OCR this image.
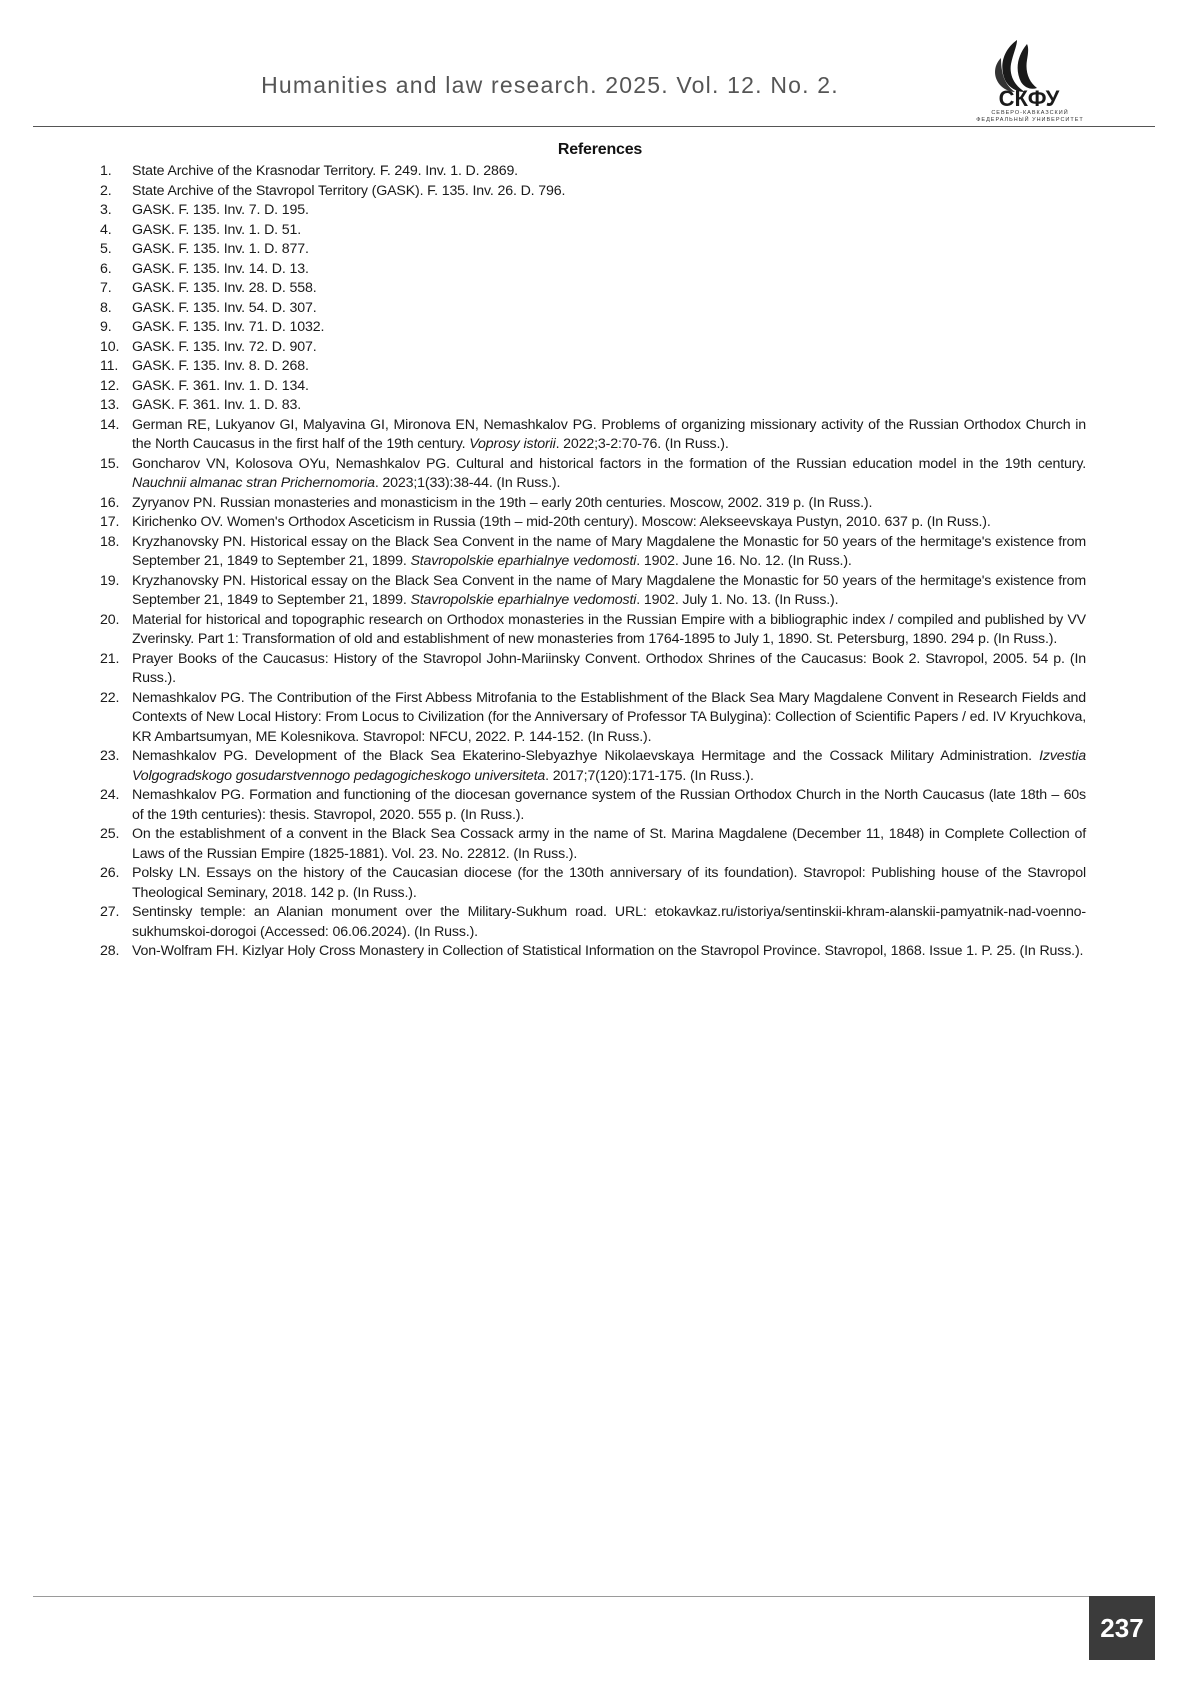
Humanities and law research. 2025. Vol. 12. No. 2.
СКФУ
СЕВЕРО-КАВКАЗСКИЙ
ФЕДЕРАЛЬНЫЙ УНИВЕРСИТЕТ
References
1.	State Archive of the Krasnodar Territory. F. 249. Inv. 1. D. 2869.
2.	State Archive of the Stavropol Territory (GASK). F. 135. Inv. 26. D. 796.
3.	GASK. F. 135. Inv. 7. D. 195.
4.	GASK. F. 135. Inv. 1. D. 51.
5.	GASK. F. 135. Inv. 1. D. 877.
6.	GASK. F. 135. Inv. 14. D. 13.
7.	GASK. F. 135. Inv. 28. D. 558.
8.	GASK. F. 135. Inv. 54. D. 307.
9.	GASK. F. 135. Inv. 71. D. 1032.
10. GASK. F. 135. Inv. 72. D. 907.
11. GASK. F. 135. Inv. 8. D. 268.
12. GASK. F. 361. Inv. 1. D. 134.
13. GASK. F. 361. Inv. 1. D. 83.
14. German RE, Lukyanov GI, Malyavina GI, Mironova EN, Nemashkalov PG. Problems of organizing missionary activity of the Russian Orthodox Church in the North Caucasus in the first half of the 19th century. Voprosy istorii. 2022;3-2:70-76. (In Russ.).
15. Goncharov VN, Kolosova OYu, Nemashkalov PG. Cultural and historical factors in the formation of the Russian education model in the 19th century. Nauchnii almanac stran Prichernomoria. 2023;1(33):38-44. (In Russ.).
16. Zyryanov PN. Russian monasteries and monasticism in the 19th – early 20th centuries. Moscow, 2002. 319 p. (In Russ.).
17. Kirichenko OV. Women's Orthodox Asceticism in Russia (19th – mid-20th century). Moscow: Alekseevskaya Pustyn, 2010. 637 p. (In Russ.).
18. Kryzhanovsky PN. Historical essay on the Black Sea Convent in the name of Mary Magdalene the Monastic for 50 years of the hermitage's existence from September 21, 1849 to September 21, 1899. Stavropolskie eparhialnye vedomosti. 1902. June 16. No. 12. (In Russ.).
19. Kryzhanovsky PN. Historical essay on the Black Sea Convent in the name of Mary Magdalene the Monastic for 50 years of the hermitage's existence from September 21, 1849 to September 21, 1899. Stavropolskie eparhialnye vedomosti. 1902. July 1. No. 13. (In Russ.).
20. Material for historical and topographic research on Orthodox monasteries in the Russian Empire with a bibliographic index / compiled and published by VV Zverinsky. Part 1: Transformation of old and establishment of new monasteries from 1764-1895 to July 1, 1890. St. Petersburg, 1890. 294 p. (In Russ.).
21. Prayer Books of the Caucasus: History of the Stavropol John-Mariinsky Convent. Orthodox Shrines of the Caucasus: Book 2. Stavropol, 2005. 54 p. (In Russ.).
22. Nemashkalov PG. The Contribution of the First Abbess Mitrofania to the Establishment of the Black Sea Mary Magdalene Convent in Research Fields and Contexts of New Local History: From Locus to Civilization (for the Anniversary of Professor TA Bulygina): Collection of Scientific Papers / ed. IV Kryuchkova, KR Ambartsumyan, ME Kolesnikova. Stavropol: NFCU, 2022. P. 144-152. (In Russ.).
23. Nemashkalov PG. Development of the Black Sea Ekaterino-Slebyazhye Nikolaevskaya Hermitage and the Cossack Military Administration. Izvestia Volgogradskogo gosudarstvennogo pedagogicheskogo universiteta. 2017;7(120):171-175. (In Russ.).
24. Nemashkalov PG. Formation and functioning of the diocesan governance system of the Russian Orthodox Church in the North Caucasus (late 18th – 60s of the 19th centuries): thesis. Stavropol, 2020. 555 p. (In Russ.).
25. On the establishment of a convent in the Black Sea Cossack army in the name of St. Marina Magdalene (December 11, 1848) in Complete Collection of Laws of the Russian Empire (1825-1881). Vol. 23. No. 22812. (In Russ.).
26. Polsky LN. Essays on the history of the Caucasian diocese (for the 130th anniversary of its foundation). Stavropol: Publishing house of the Stavropol Theological Seminary, 2018. 142 p. (In Russ.).
27. Sentinsky temple: an Alanian monument over the Military-Sukhum road. URL: etokavkaz.ru/istoriya/sentinskii-khram-alanskii-pamyatnik-nad-voenno-sukhumskoi-dorogoi (Accessed: 06.06.2024). (In Russ.).
28. Von-Wolfram FH. Kizlyar Holy Cross Monastery in Collection of Statistical Information on the Stavropol Province. Stavropol, 1868. Issue 1. P. 25. (In Russ.).
237
